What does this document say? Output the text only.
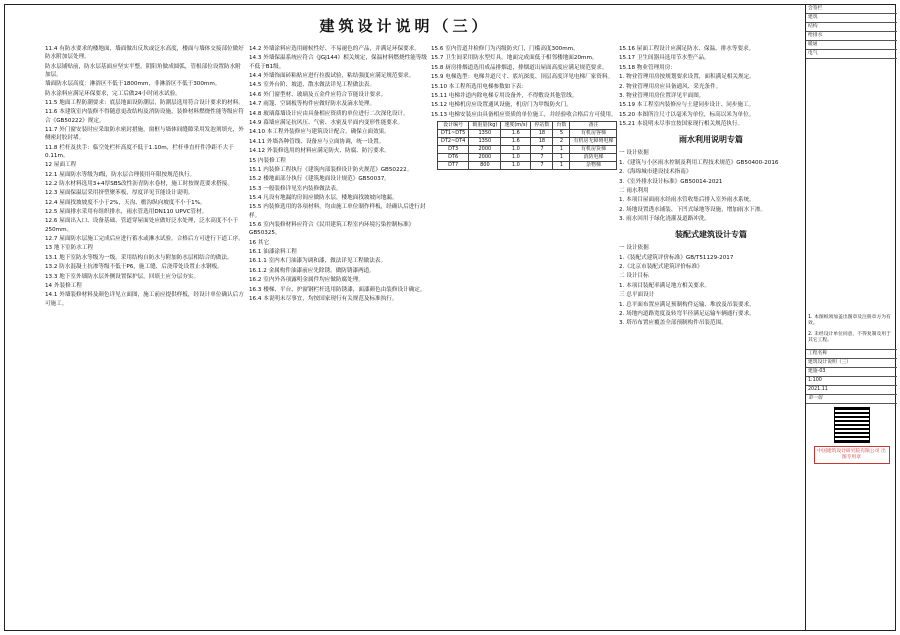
建筑设计说明（三）

11.4 有防水要求的楼地面，墙面做出反坎或泛水高度，楼面与墙体交接部位做好防水附加层处理。

防水层铺贴前，防水层基面应坚实平整，阴阳角做成圆弧，管根部位设置防水附加层。

墙面防水层高度：淋浴区不低于1800mm，非淋浴区不低于300mm。

防水涂料应满足环保要求，完工后做24小时闭水试验。

11.5 地面工程防潮要求：底层地面设防潮层，防潮层选用符合设计要求的材料。

11.6 本建筑室内装修不得随意更改结构及消防设施，装修材料燃烧性能等级应符合《GB50222》规定。

11.7 外门窗安装时应采取防水密封措施，窗框与墙体间缝隙采用发泡剂填充，外侧密封胶封堵。

11.8 栏杆及扶手：临空处栏杆高度不低于1.10m，栏杆垂直杆件净距不大于0.11m。

12 屋面工程

12.1 屋面防水等级为I级，防水层合理使用年限按规范执行。

12.2 防水材料选用3+4厚SBS改性沥青防水卷材，施工时按规范要求搭接。

12.3 屋面保温层采用挤塑聚苯板，厚度详见节能设计说明。

12.4 屋面找坡坡度不小于2%，天沟、檐沟纵向坡度不小于1%。

12.5 屋面排水采用有组织排水，雨水管选用DN110 UPVC管材。

12.6 屋面出入口、设备基础、管道穿屋面处应做好泛水处理，泛水高度不小于250mm。

12.7 屋面防水层施工完成后应进行蓄水或淋水试验，合格后方可进行下道工序。

13 地下室防水工程

13.1 地下室防水等级为一级，采用结构自防水与附加防水层相结合的做法。

13.2 防水混凝土抗渗等级不低于P6，施工缝、后浇带处设置止水钢板。

13.3 地下室外墙防水层外侧设置保护层，回填土应分层夯实。

14 外装修工程

14.1 外墙装修材料及颜色详见立面图，施工前应提供样板，经设计单位确认后方可施工。

14.2 外墙涂料应选用耐候性好、不易褪色的产品，并满足环保要求。

14.3 外墙保温系统应符合《JGJ144》相关规定，保温材料燃烧性能等级不低于B1级。

14.4 外墙饰面砖粘贴应进行拉拔试验，粘结强度应满足规范要求。

14.5 室外台阶、坡道、散水做法详见工程做法表。

14.6 外门窗型材、玻璃及五金件应符合节能设计要求。

14.7 雨篷、空调板等构件应做好防水及滴水处理。

14.8 玻璃幕墙设计应由具备相应资质的单位进行二次深化设计。

14.9 幕墙应满足抗风压、气密、水密及平面内变形性能要求。

14.10 本工程外装修应与建筑设计配合，确保立面效果。

14.11 外墙各种管线、设备应与立面协调，统一设置。

14.12 外装修选用的材料应满足防火、防腐、防污要求。

15 内装修工程

15.1 内装修工程执行《建筑内部装修设计防火规范》GB50222。

15.2 楼地面部分执行《建筑地面设计规范》GB50037。

15.3 一般装修详见室内装修做法表。

15.4 凡设有地漏的房间应做防水层，楼地面找坡坡向地漏。

15.5 内装修选用的各项材料，均由施工单位制作样板，经确认后进行封样。

15.6 室内装修材料应符合《民用建筑工程室内环境污染控制标准》GB50325。

16 其它

16.1 油漆涂料工程

16.1.1 室内木门油漆为调和漆，做法详见工程做法表。

16.1.2 金属构件油漆前应先除锈，做防锈漆两道。

16.2 室内外各项露明金属件均应做防腐处理。

16.3 楼梯、平台、护窗钢栏杆选用防锈漆，面漆颜色由装修设计确定。

16.4 本说明未尽事宜，均按国家现行有关规范及标准执行。

15.6 室内管道井检修门为丙级防火门，门槛高度300mm。

15.7 卫生间采用防水型灯具，地面完成面低于相邻楼地面20mm。

15.8 厨房排烟道选用成品排烟道，排烟道出屋面高度应满足规范要求。

15.9 电梯选型：电梯井道尺寸、底坑深度、顶层高度详见电梯厂家资料。

15.10 本工程所选用电梯参数如下表：

15.11 电梯井道内除电梯专用设备外，不得敷设其他管线。

15.12 电梯机房应设置通风设施，机房门为甲级防火门。

15.13 电梯安装应由具备相应资质的单位施工，并经验收合格后方可使用。

设计编号	载重量(kg)	速度(m/s)	停站数	台数	备注
DT1~DT5	1350	1.6	18	5	有机房客梯
DT2~DT4	1350	1.6	18	2	有机房无障碍电梯
DT3	2000	1.0	7	1	有机房货梯
DT6	2000	1.0	7	1	消防电梯
DT7	800	1.0	7	1	杂物梯

15.16 屋面工程设计应满足防水、保温、排水等要求。

15.17 卫生间器具选用节水型产品。

15.18 物业管理用房：

1. 物业管理用房按规划要求设置，面积满足相关规定。

2. 物业管理用房应具备通风、采光条件。

3. 物业管理用房位置详见平面图。

15.19 本工程室内装修应与土建同步设计、同步施工。

15.20 本图所注尺寸以毫米为单位，标高以米为单位。

15.21 本说明未尽事宜按国家现行相关规范执行。

雨水利用说明专篇

一 设计依据

1.《建筑与小区雨水控制及利用工程技术规范》GB50400-2016

2.《海绵城市建设技术指南》

3.《室外排水设计标准》GB50014-2021

二 雨水利用

1. 本项目屋面雨水经雨水管收集后排入室外雨水系统。

2. 场地设置透水铺装、下凹式绿地等设施，增加雨水下渗。

3. 雨水回用于绿化浇灌及道路冲洗。

装配式建筑设计专篇

一 设计依据

1.《装配式建筑评价标准》GB/T51129-2017

2.《北京市装配式建筑评价标准》

二 设计目标

1. 本项目装配率满足地方相关要求。

三 总平面设计

1. 总平面布置应满足预制构件运输、堆放及吊装要求。

2. 场地内道路宽度及转弯半径满足运输车辆通行要求。

3. 塔吊布置应覆盖全部预制构件吊装范围。

会签栏
建筑
结构
给排水
暖通
电气

1. 本图纸须加盖出图章及注册章方为有效。

2. 未经设计单位同意，不得复制及用于其它工程。

工程名称
建筑设计说明（三）
建施-03
1:100
2021.11
第一版
中国建筑设计研究院有限公司 出图专用章
